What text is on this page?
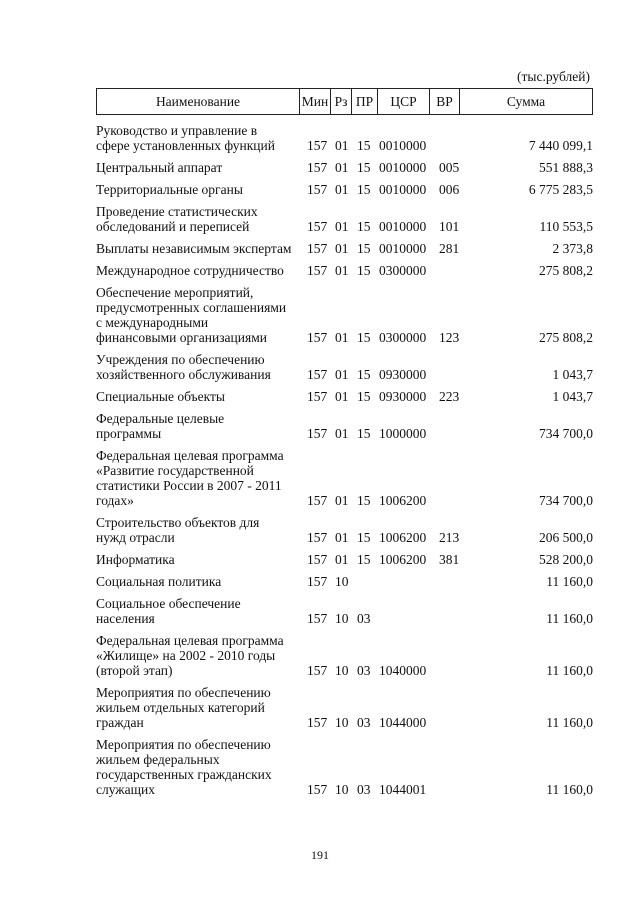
(тыс.рублей)
Наименование	Мин Рз ПР	ЦСР	ВР	Сумма
Руководство и управление в
сфере установленных функций	157 01 15 0010000	7 440 099,1
Центральный аппарат	157 01 15 0010000 005	551 888,3
Территориальные органы	157 01 15 0010000 006	6 775 283,5
Проведение статистических
обследований и переписей	157 01 15 0010000 101	110 553,5
Выплаты независимым экспертам	157 01 15 0010000 281	2 373,8
Международное сотрудничество	157 01 15 0300000	275 808,2
Обеспечение мероприятий,
предусмотренных соглашениями
с международными
финансовыми организациями	157 01 15 0300000 123	275 808,2
Учреждения по обеспечению
хозяйственного обслуживания	157 01 15 0930000	1 043,7
Специальные объекты	157 01 15 0930000 223	1 043,7
Федеральные целевые
программы	157 01 15 1000000	734 700,0
Федеральная целевая программа
«Развитие государственной
статистики России в 2007 - 2011
годах»	157 01 15 1006200	734 700,0
Строительство объектов для
нужд отрасли	157 01 15 1006200 213	206 500,0
Информатика	157 01 15 1006200 381	528 200,0
Социальная политика	157 10	11 160,0
Социальное обеспечение
населения	157 10 03	11 160,0
Федеральная целевая программа
«Жилище» на 2002 - 2010 годы
(второй этап)	157 10 03 1040000	11 160,0
Мероприятия по обеспечению
жильем отдельных категорий
граждан	157 10 03 1044000	11 160,0
Мероприятия по обеспечению
жильем федеральных
государственных гражданских
служащих	157 10 03 1044001	11 160,0
191
